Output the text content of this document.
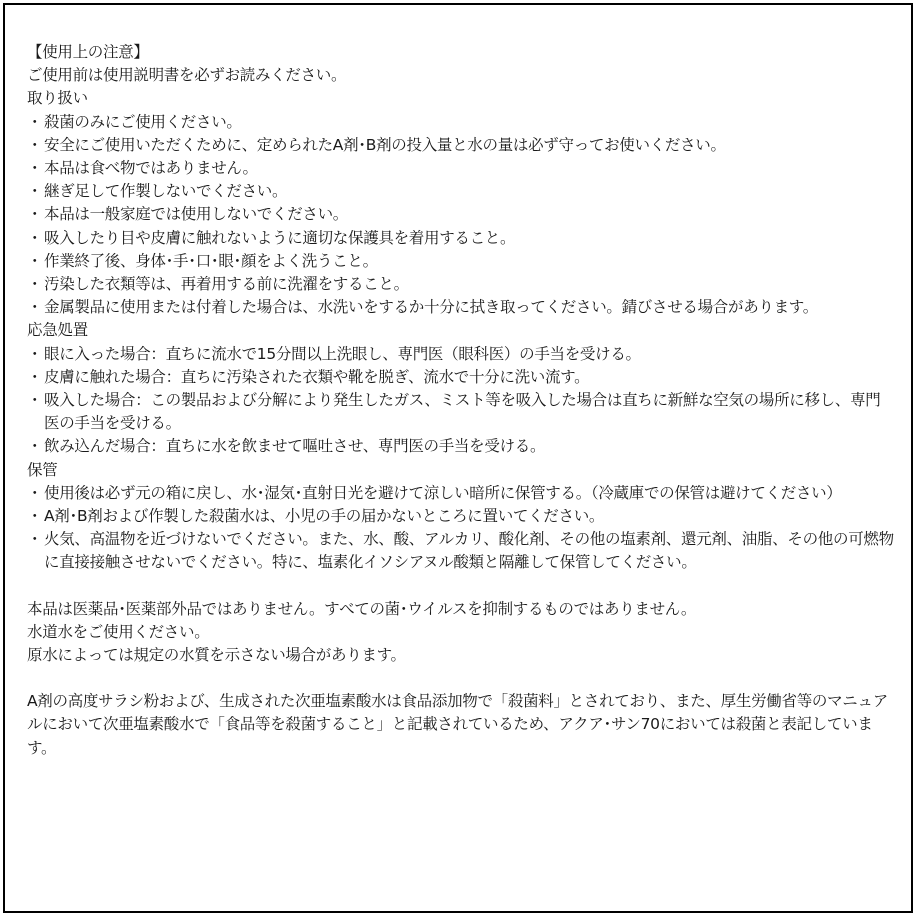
【使用上の注意】
ご使用前は使用説明書を必ずお読みください。
取り扱い
・ 殺菌のみにご使用ください。
・ 安全にご使用いただくために、定められたA剤･B剤の投入量と水の量は必ず守ってお使いください。
・ 本品は食べ物ではありません。
・ 継ぎ足して作製しないでください。
・ 本品は一般家庭では使用しないでください。
・ 吸入したり目や皮膚に触れないように適切な保護具を着用すること。
・ 作業終了後、身体･手･口･眼･顔をよく洗うこと。
・ 汚染した衣類等は、再着用する前に洗濯をすること。
・ 金属製品に使用または付着した場合は、水洗いをするか十分に拭き取ってください。錆びさせる場合があります。
応急処置
・ 眼に入った場合：直ちに流水で15分間以上洗眼し、専門医（眼科医）の手当を受ける。
・ 皮膚に触れた場合：直ちに汚染された衣類や靴を脱ぎ、流水で十分に洗い流す。
・ 吸入した場合：この製品および分解により発生したガス、ミスト等を吸入した場合は直ちに新鮮な空気の場所に移し、専門医の手当を受ける。
・ 飲み込んだ場合：直ちに水を飲ませて嘔吐させ、専門医の手当を受ける。
保管
・ 使用後は必ず元の箱に戻し、水･湿気･直射日光を避けて涼しい暗所に保管する。（冷蔵庫での保管は避けてください）
・ A剤･B剤および作製した殺菌水は、小児の手の届かないところに置いてください。
・ 火気、高温物を近づけないでください。また、水、酸、アルカリ、酸化剤、その他の塩素剤、還元剤、油脂、その他の可燃物に直接接触させないでください。特に、塩素化イソシアヌル酸類と隔離して保管してください。
本品は医薬品･医薬部外品ではありません。すべての菌･ウイルスを抑制するものではありません。
水道水をご使用ください。
原水によっては規定の水質を示さない場合があります。
A剤の高度サラシ粉および、生成された次亜塩素酸水は食品添加物で「殺菌料」とされており、また、厚生労働省等のマニュアルにおいて次亜塩素酸水で「食品等を殺菌すること」と記載されているため、アクア･サン70においては殺菌と表記しています。
